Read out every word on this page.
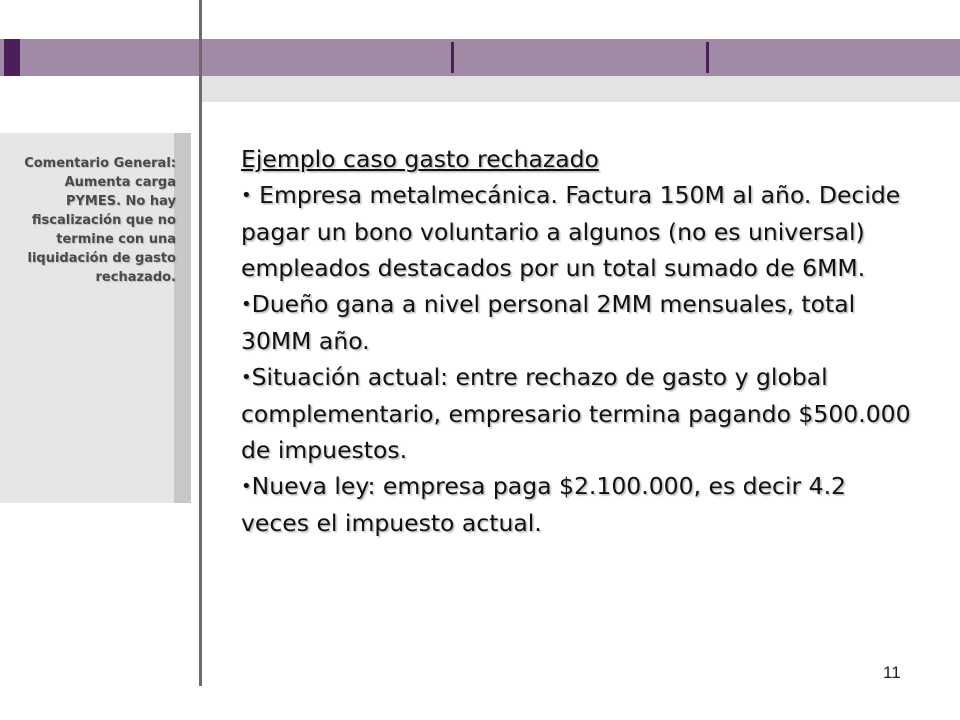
Comentario General: Aumenta carga PYMES. No hay fiscalización que no termine con una liquidación de gasto rechazado.

Ejemplo caso gasto rechazado

• Empresa metalmecánica. Factura 150M al año. Decide pagar un bono voluntario a algunos (no es universal) empleados destacados por un total sumado de 6MM.

•Dueño gana a nivel personal 2MM mensuales, total 30MM año.

•Situación actual: entre rechazo de gasto y global complementario, empresario termina pagando $500.000 de impuestos.

•Nueva ley: empresa paga $2.100.000, es decir 4.2 veces el impuesto actual.

11
